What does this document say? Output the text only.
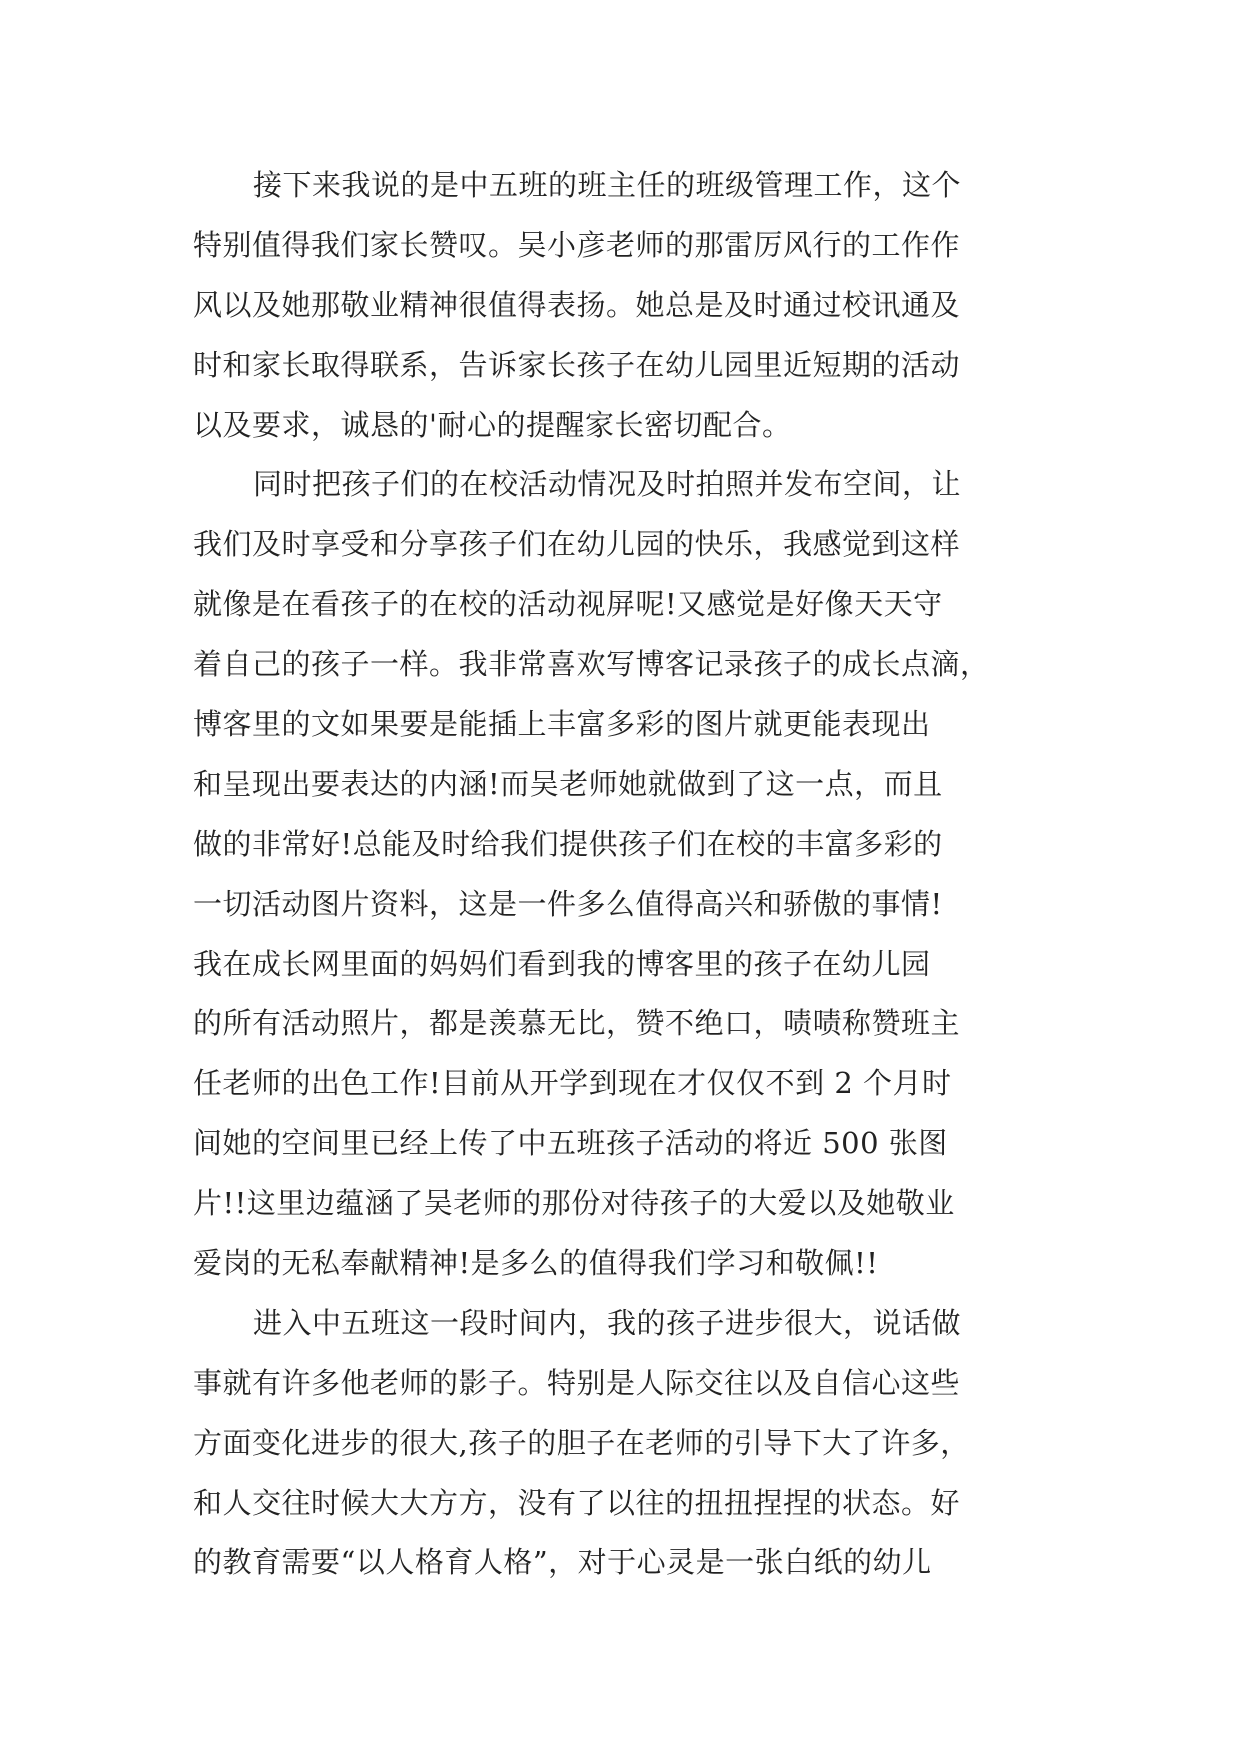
接下来我说的是中五班的班主任的班级管理工作，这个
特别值得我们家长赞叹。吴小彦老师的那雷厉风行的工作作
风以及她那敬业精神很值得表扬。她总是及时通过校讯通及
时和家长取得联系，告诉家长孩子在幼儿园里近短期的活动
以及要求，诚恳的'耐心的提醒家长密切配合。
同时把孩子们的在校活动情况及时拍照并发布空间，让
我们及时享受和分享孩子们在幼儿园的快乐，我感觉到这样
就像是在看孩子的在校的活动视屏呢!又感觉是好像天天守
着自己的孩子一样。我非常喜欢写博客记录孩子的成长点滴，
博客里的文如果要是能插上丰富多彩的图片就更能表现出
和呈现出要表达的内涵!而吴老师她就做到了这一点，而且
做的非常好!总能及时给我们提供孩子们在校的丰富多彩的
一切活动图片资料，这是一件多么值得高兴和骄傲的事情!
我在成长网里面的妈妈们看到我的博客里的孩子在幼儿园
的所有活动照片，都是羡慕无比，赞不绝口，啧啧称赞班主
任老师的出色工作!目前从开学到现在才仅仅不到 2 个月时
间她的空间里已经上传了中五班孩子活动的将近 500 张图
片!!这里边蕴涵了吴老师的那份对待孩子的大爱以及她敬业
爱岗的无私奉献精神!是多么的值得我们学习和敬佩!!
进入中五班这一段时间内，我的孩子进步很大，说话做
事就有许多他老师的影子。特别是人际交往以及自信心这些
方面变化进步的很大,孩子的胆子在老师的引导下大了许多，
和人交往时候大大方方，没有了以往的扭扭捏捏的状态。好
的教育需要“以人格育人格”，对于心灵是一张白纸的幼儿
